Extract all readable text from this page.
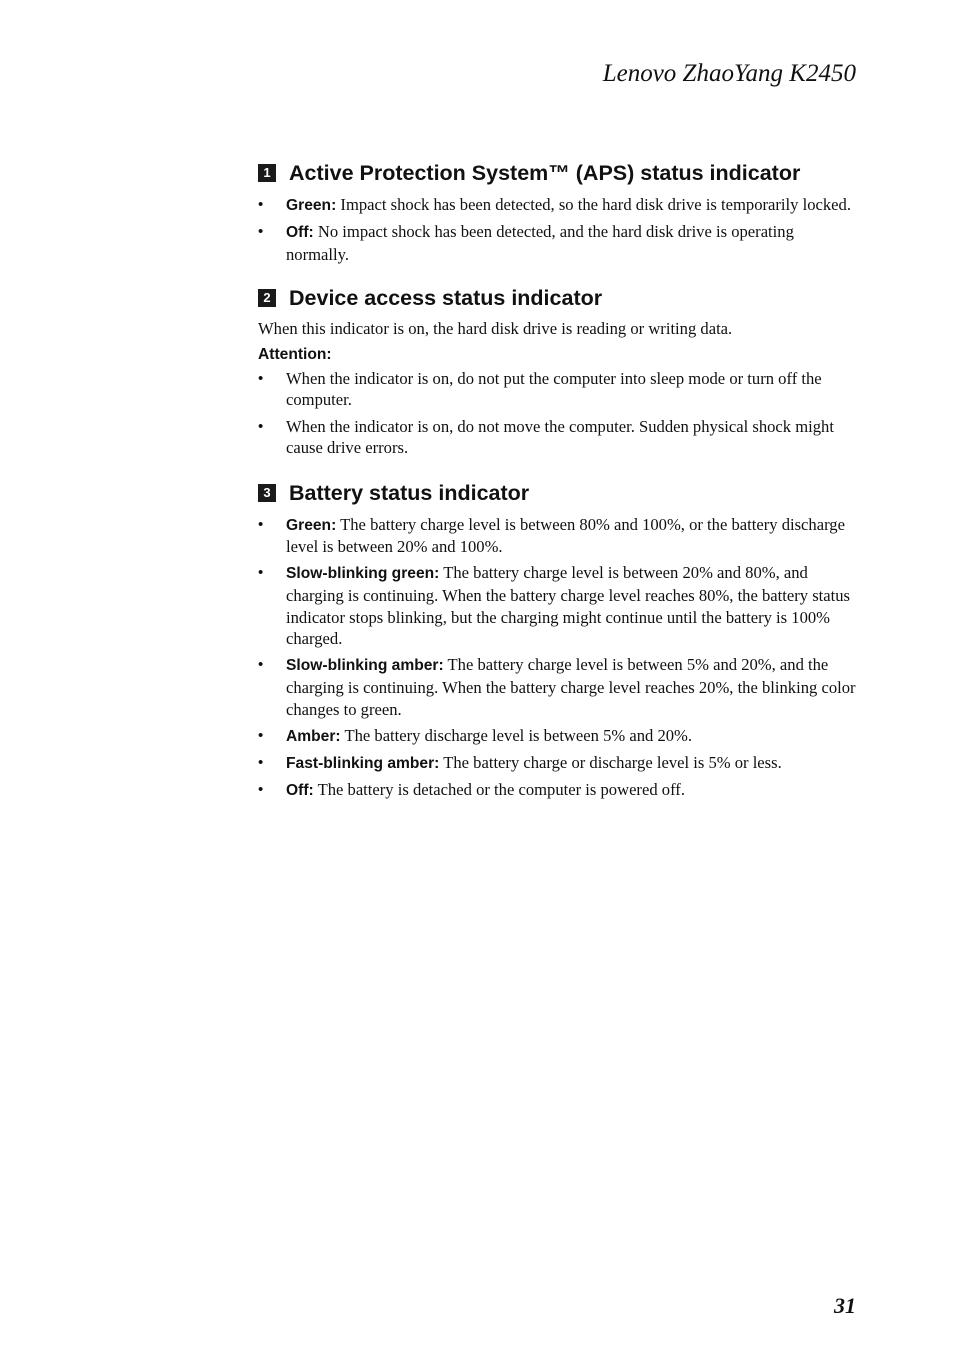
Lenovo ZhaoYang K2450

1 Active Protection System™ (APS) status indicator
• Green: Impact shock has been detected, so the hard disk drive is temporarily locked.
• Off: No impact shock has been detected, and the hard disk drive is operating normally.
2 Device access status indicator

When this indicator is on, the hard disk drive is reading or writing data.

Attention:

• When the indicator is on, do not put the computer into sleep mode or turn off the computer.
• When the indicator is on, do not move the computer. Sudden physical shock might cause drive errors.
3 Battery status indicator
• Green: The battery charge level is between 80% and 100%, or the battery discharge level is between 20% and 100%.
• Slow-blinking green: The battery charge level is between 20% and 80%, and charging is continuing. When the battery charge level reaches 80%, the battery status indicator stops blinking, but the charging might continue until the battery is 100% charged.
• Slow-blinking amber: The battery charge level is between 5% and 20%, and the charging is continuing. When the battery charge level reaches 20%, the blinking color changes to green.
• Amber: The battery discharge level is between 5% and 20%.
• Fast-blinking amber: The battery charge or discharge level is 5% or less.
• Off: The battery is detached or the computer is powered off.

31
